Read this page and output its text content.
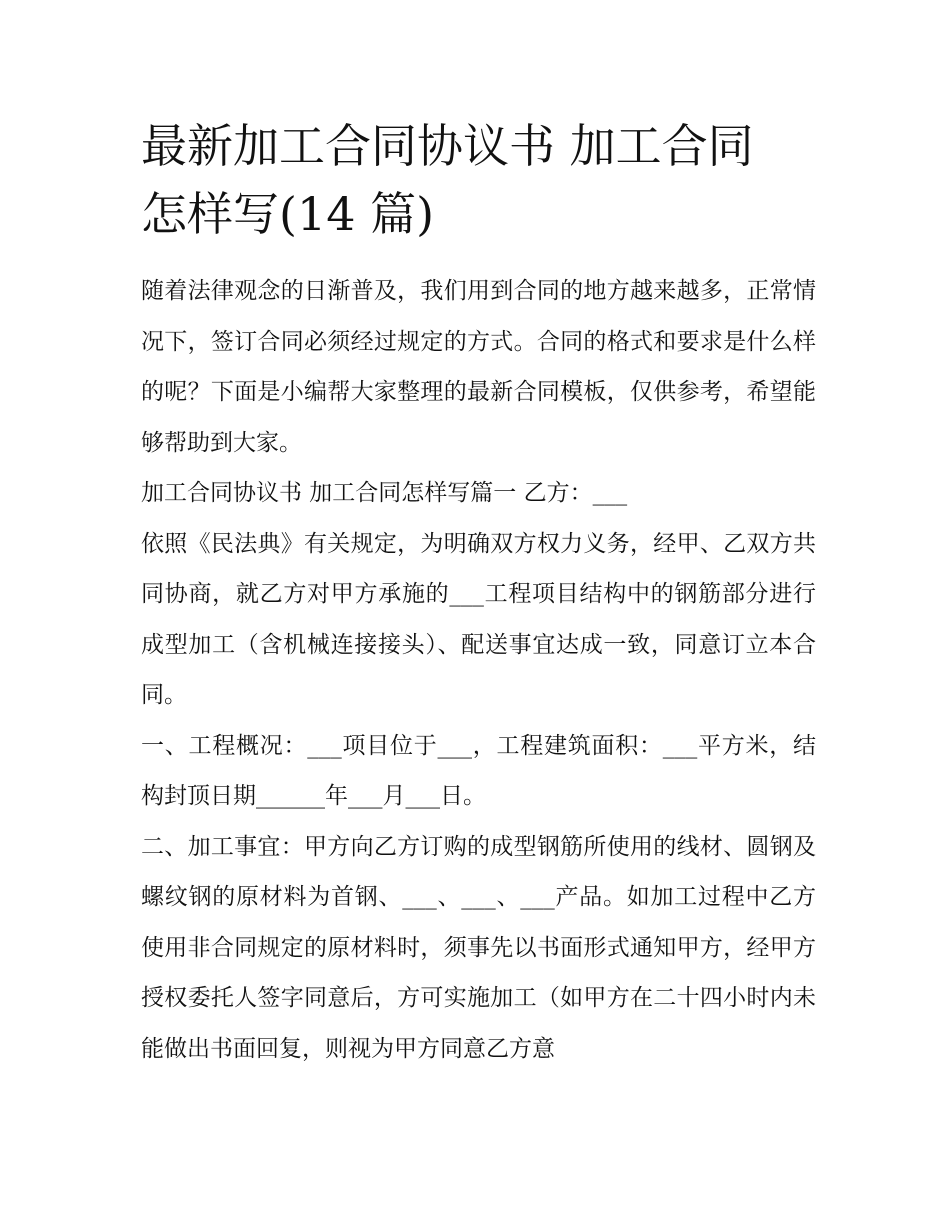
最新加工合同协议书 加工合同
怎样写(14 篇)

随着法律观念的日渐普及，我们用到合同的地方越来越多，正常情况下，签订合同必须经过规定的方式。合同的格式和要求是什么样的呢？下面是小编帮大家整理的最新合同模板，仅供参考，希望能够帮助到大家。

加工合同协议书 加工合同怎样写篇一 乙方：___

依照《民法典》有关规定，为明确双方权力义务，经甲、乙双方共同协商，就乙方对甲方承施的___工程项目结构中的钢筋部分进行成型加工（含机械连接接头）、配送事宜达成一致，同意订立本合同。

一、工程概况：___项目位于___，工程建筑面积：___平方米，结构封顶日期______年___月___日。

二、加工事宜：甲方向乙方订购的成型钢筋所使用的线材、圆钢及螺纹钢的原材料为首钢、___、___、___产品。如加工过程中乙方使用非合同规定的原材料时，须事先以书面形式通知甲方，经甲方授权委托人签字同意后，方可实施加工（如甲方在二十四小时内未能做出书面回复，则视为甲方同意乙方意
